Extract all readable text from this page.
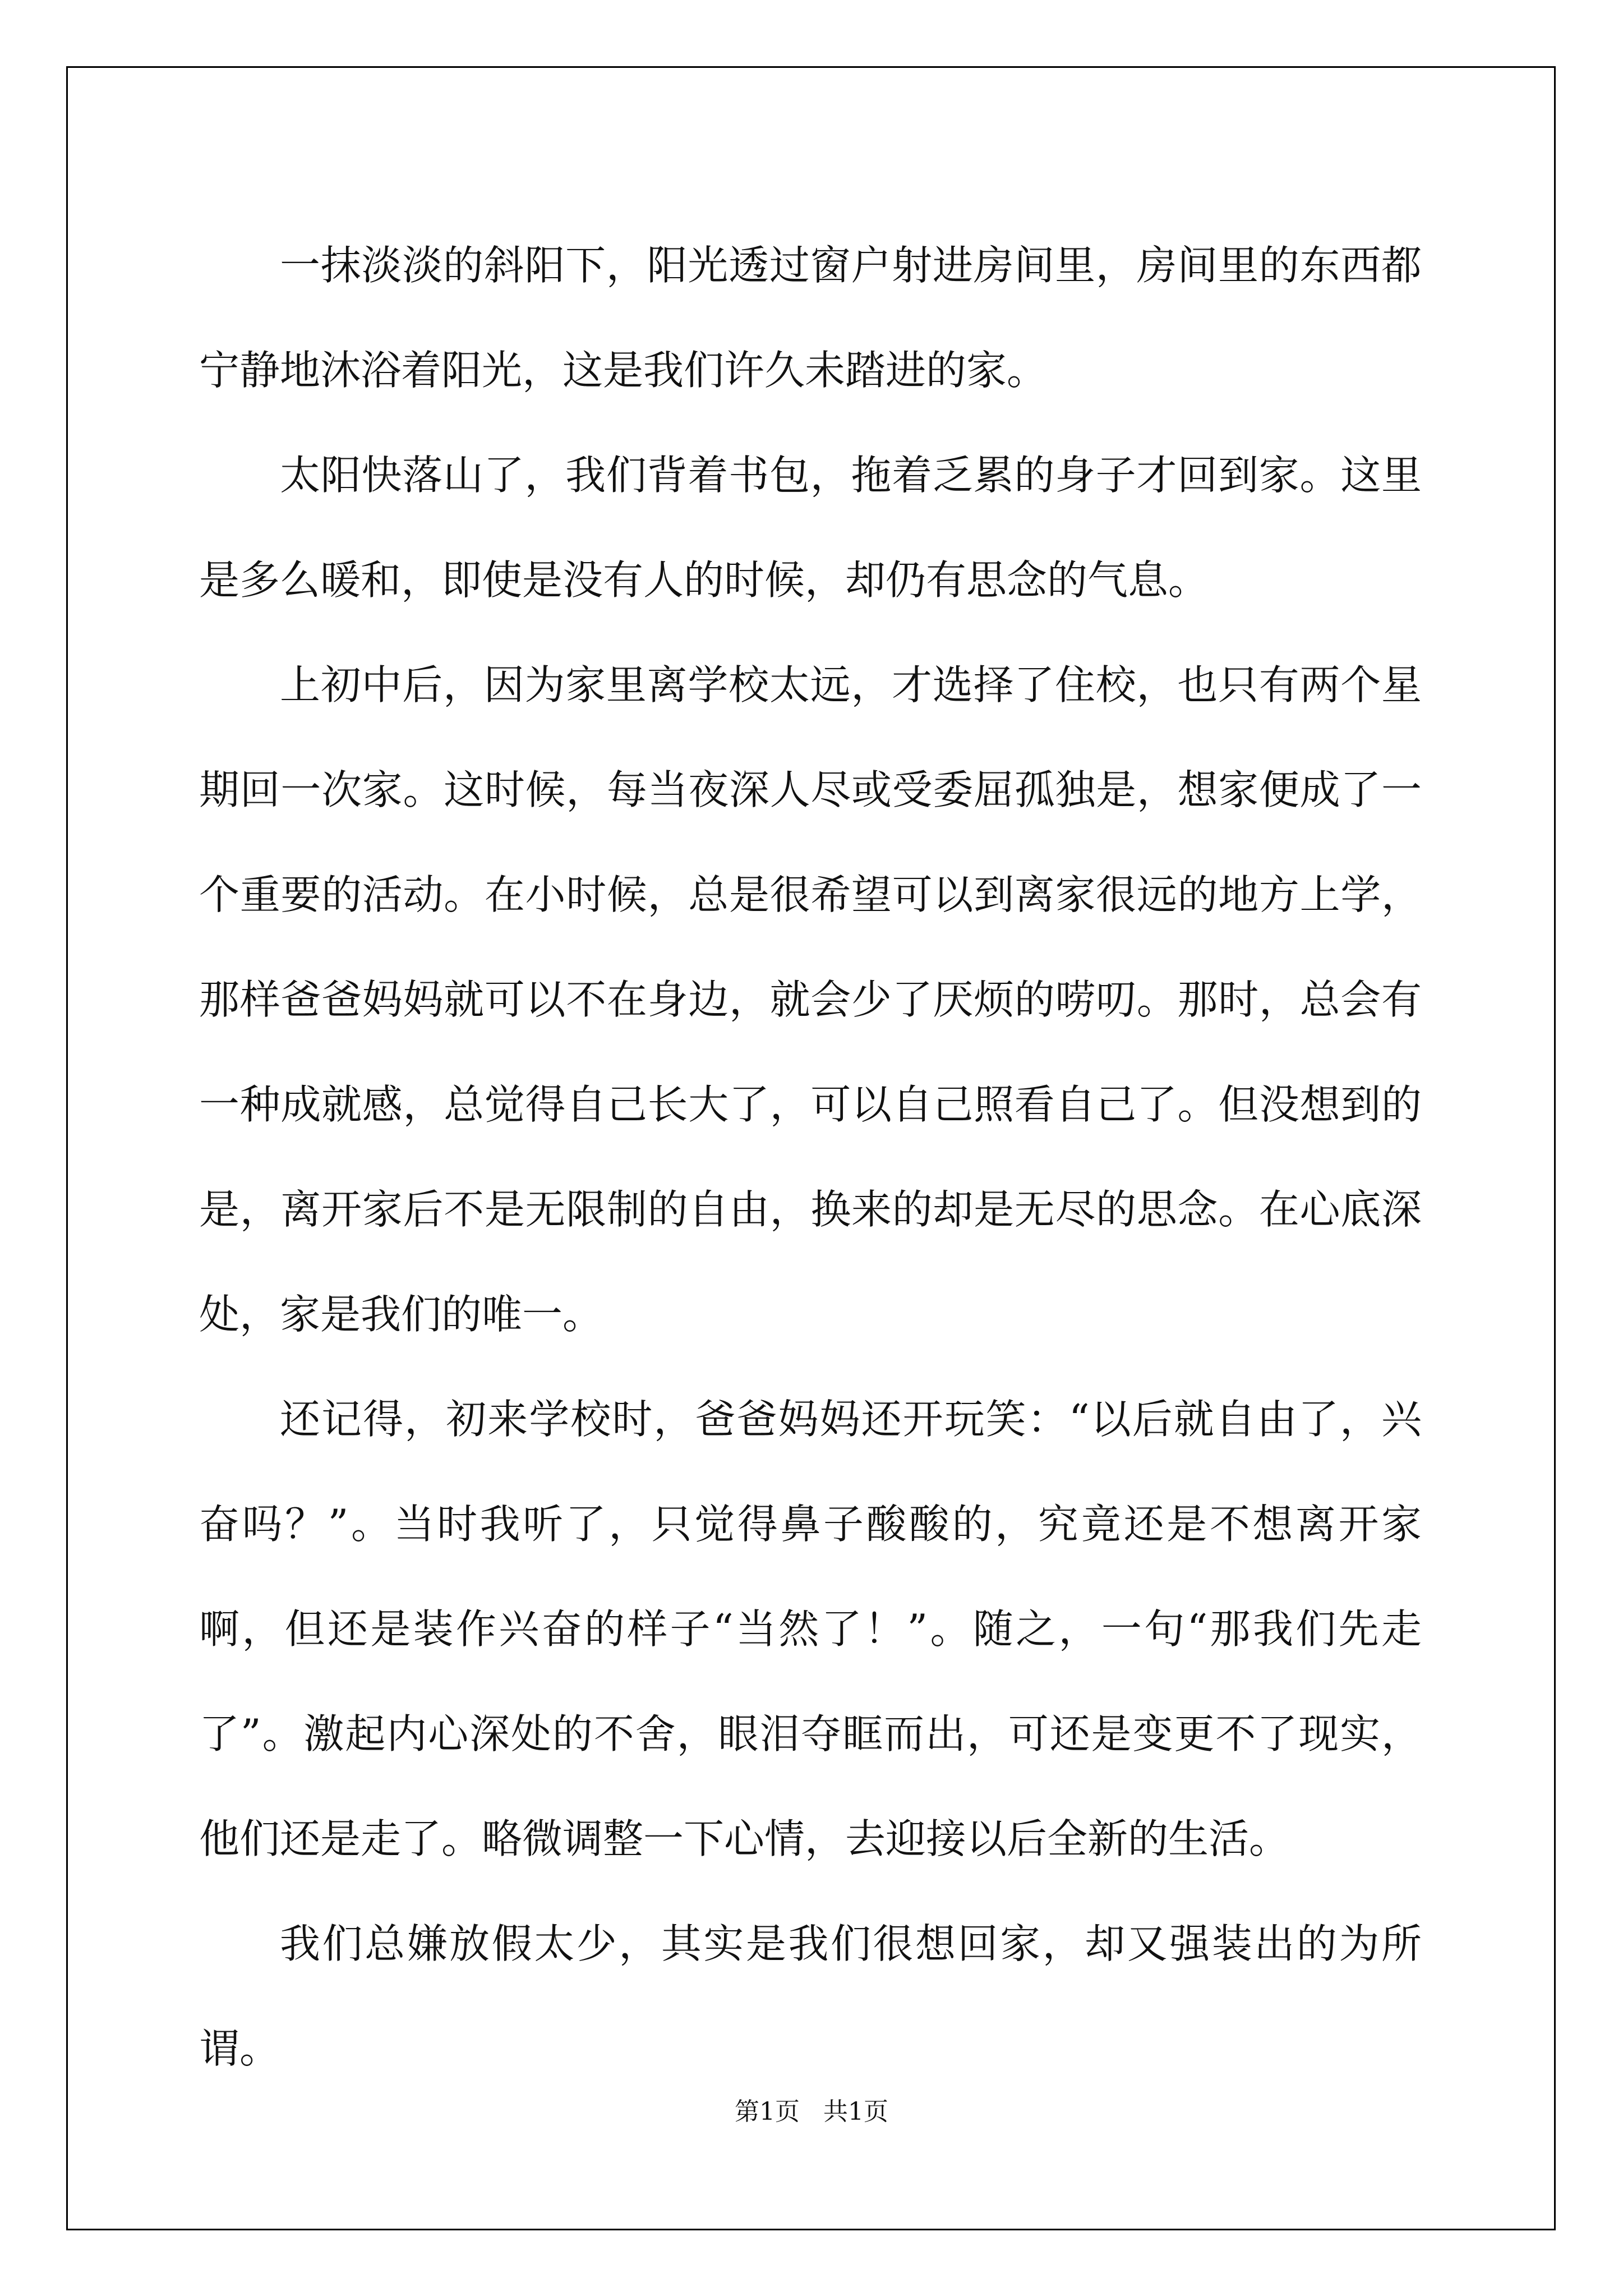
一抹淡淡的斜阳下，阳光透过窗户射进房间里，房间里的东西都宁静地沐浴着阳光，这是我们许久未踏进的家。

太阳快落山了，我们背着书包，拖着乏累的身子才回到家。这里是多么暖和，即使是没有人的时候，却仍有思念的气息。

上初中后，因为家里离学校太远，才选择了住校，也只有两个星期回一次家。这时候，每当夜深人尽或受委屈孤独是，想家便成了一个重要的活动。在小时候，总是很希望可以到离家很远的地方上学，那样爸爸妈妈就可以不在身边，就会少了厌烦的唠叨。那时，总会有一种成就感，总觉得自己长大了，可以自己照看自己了。但没想到的是，离开家后不是无限制的自由，换来的却是无尽的思念。在心底深处，家是我们的唯一。

还记得，初来学校时，爸爸妈妈还开玩笑：“以后就自由了，兴奋吗？”。当时我听了，只觉得鼻子酸酸的，究竟还是不想离开家啊，但还是装作兴奋的样子“当然了！”。随之，一句“那我们先走了”。激起内心深处的不舍，眼泪夺眶而出，可还是变更不了现实，他们还是走了。略微调整一下心情，去迎接以后全新的生活。

我们总嫌放假太少，其实是我们很想回家，却又强装出的为所谓。

第1页   共1页
